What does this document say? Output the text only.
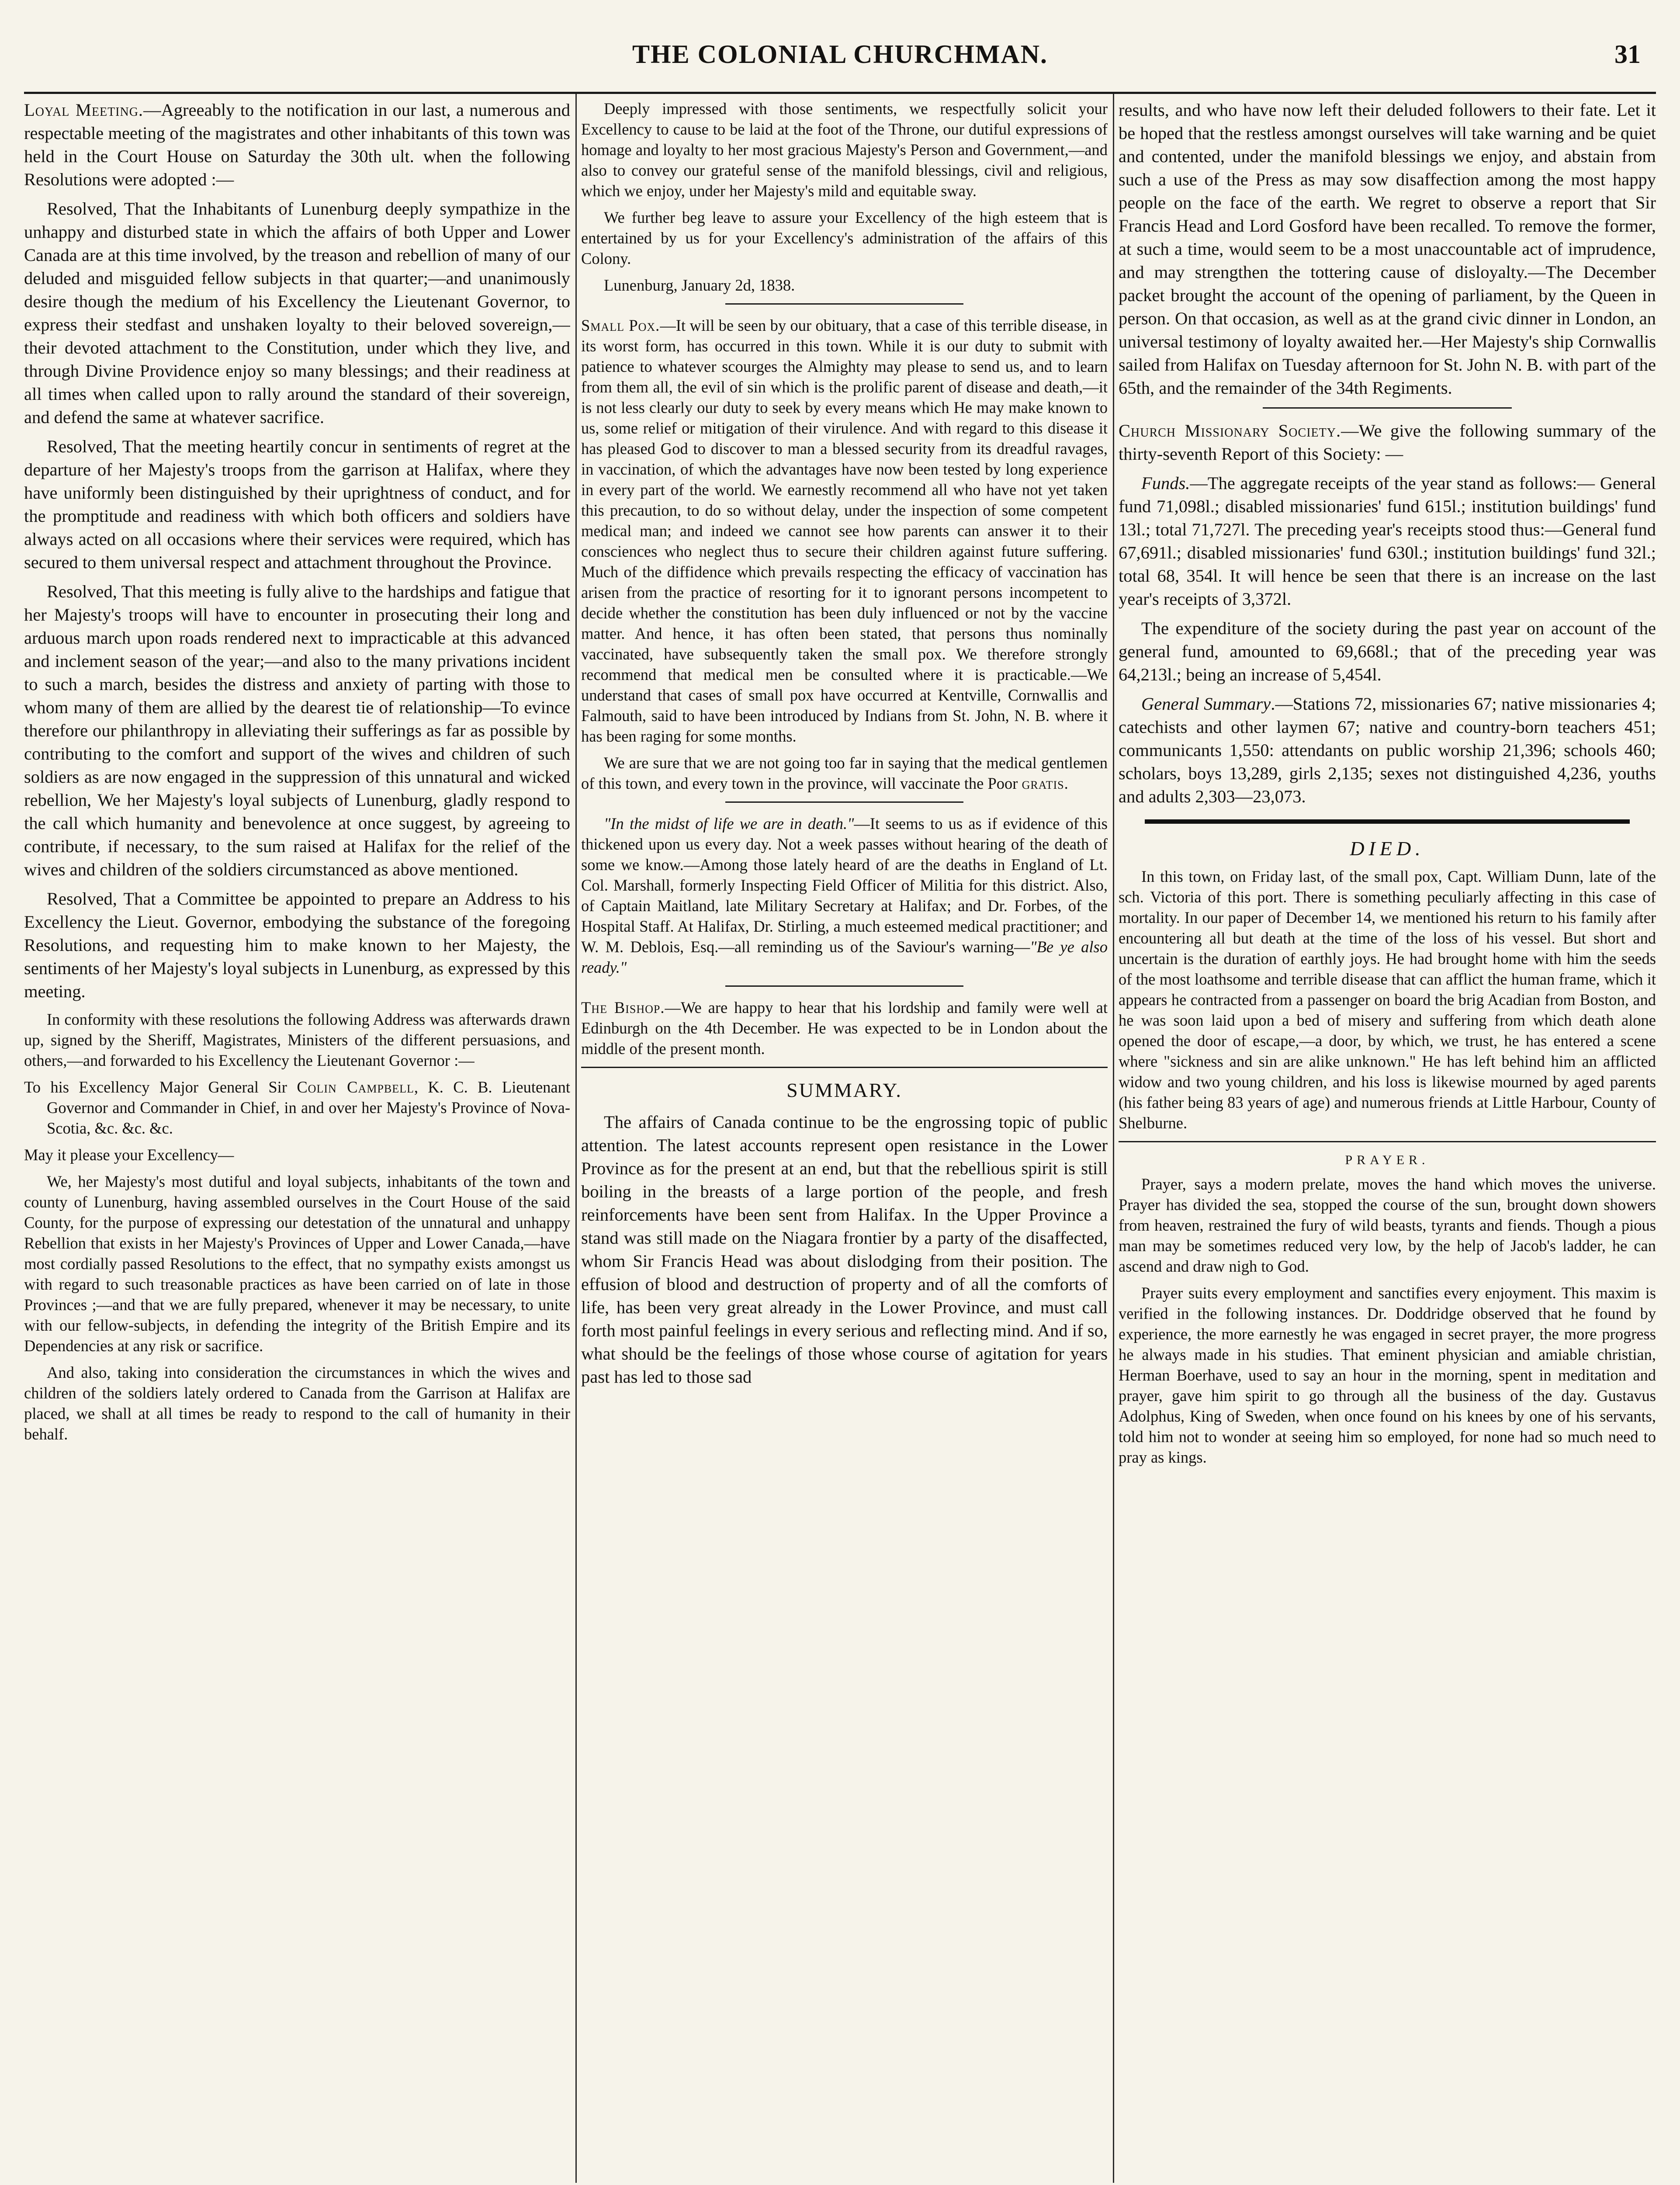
THE COLONIAL CHURCHMAN.	31

Loyal Meeting.—Agreeably to the notification in our last, a numerous and respectable meeting of the magistrates and other inhabitants of this town was held in the Court House on Saturday the 30th ult. when the following Resolutions were adopted :—

Resolved, That the Inhabitants of Lunenburg deeply sympathize in the unhappy and disturbed state in which the affairs of both Upper and Lower Canada are at this time involved, by the treason and rebellion of many of our deluded and misguided fellow subjects in that quarter;—and unanimously desire though the medium of his Excellency the Lieutenant Governor, to express their stedfast and unshaken loyalty to their beloved sovereign,—their devoted attachment to the Constitution, under which they live, and through Divine Providence enjoy so many blessings; and their readiness at all times when called upon to rally around the standard of their sovereign, and defend the same at whatever sacrifice.

Resolved, That the meeting heartily concur in sentiments of regret at the departure of her Majesty's troops from the garrison at Halifax, where they have uniformly been distinguished by their uprightness of conduct, and for the promptitude and readiness with which both officers and soldiers have always acted on all occasions where their services were required, which has secured to them universal respect and attachment throughout the Province.

Resolved, That this meeting is fully alive to the hardships and fatigue that her Majesty's troops will have to encounter in prosecuting their long and arduous march upon roads rendered next to impracticable at this advanced and inclement season of the year;—and also to the many privations incident to such a march, besides the distress and anxiety of parting with those to whom many of them are allied by the dearest tie of relationship—To evince therefore our philanthropy in alleviating their sufferings as far as possible by contributing to the comfort and support of the wives and children of such soldiers as are now engaged in the suppression of this unnatural and wicked rebellion, We her Majesty's loyal subjects of Lunenburg, gladly respond to the call which humanity and benevolence at once suggest, by agreeing to contribute, if necessary, to the sum raised at Halifax for the relief of the wives and children of the soldiers circumstanced as above mentioned.

Resolved, That a Committee be appointed to prepare an Address to his Excellency the Lieut. Governor, embodying the substance of the foregoing Resolutions, and requesting him to make known to her Majesty, the sentiments of her Majesty's loyal subjects in Lunenburg, as expressed by this meeting.

In conformity with these resolutions the following Address was afterwards drawn up, signed by the Sheriff, Magistrates, Ministers of the different persuasions, and others,—and forwarded to his Excellency the Lieutenant Governor :—

To his Excellency Major General Sir Colin Campbell, K. C. B. Lieutenant Governor and Commander in Chief, in and over her Majesty's Province of Nova-Scotia, &c. &c. &c.

May it please your Excellency—

We, her Majesty's most dutiful and loyal subjects, inhabitants of the town and county of Lunenburg, having assembled ourselves in the Court House of the said County, for the purpose of expressing our detestation of the unnatural and unhappy Rebellion that exists in her Majesty's Provinces of Upper and Lower Canada,—have most cordially passed Resolutions to the effect, that no sympathy exists amongst us with regard to such treasonable practices as have been carried on of late in those Provinces ;—and that we are fully prepared, whenever it may be necessary, to unite with our fellow-subjects, in defending the integrity of the British Empire and its Dependencies at any risk or sacrifice.

And also, taking into consideration the circumstances in which the wives and children of the soldiers lately ordered to Canada from the Garrison at Halifax are placed, we shall at all times be ready to respond to the call of humanity in their behalf.

Deeply impressed with those sentiments, we respectfully solicit your Excellency to cause to be laid at the foot of the Throne, our dutiful expressions of homage and loyalty to her most gracious Majesty's Person and Government,—and also to convey our grateful sense of the manifold blessings, civil and religious, which we enjoy, under her Majesty's mild and equitable sway.

We further beg leave to assure your Excellency of the high esteem that is entertained by us for your Excellency's administration of the affairs of this Colony.

Lunenburg, January 2d, 1838.

Small Pox.—It will be seen by our obituary, that a case of this terrible disease, in its worst form, has occurred in this town. While it is our duty to submit with patience to whatever scourges the Almighty may please to send us, and to learn from them all, the evil of sin which is the prolific parent of disease and death,—it is not less clearly our duty to seek by every means which He may make known to us, some relief or mitigation of their virulence. And with regard to this disease it has pleased God to discover to man a blessed security from its dreadful ravages, in vaccination, of which the advantages have now been tested by long experience in every part of the world. We earnestly recommend all who have not yet taken this precaution, to do so without delay, under the inspection of some competent medical man; and indeed we cannot see how parents can answer it to their consciences who neglect thus to secure their children against future suffering. Much of the diffidence which prevails respecting the efficacy of vaccination has arisen from the practice of resorting for it to ignorant persons incompetent to decide whether the constitution has been duly influenced or not by the vaccine matter. And hence, it has often been stated, that persons thus nominally vaccinated, have subsequently taken the small pox. We therefore strongly recommend that medical men be consulted where it is practicable.—We understand that cases of small pox have occurred at Kentville, Cornwallis and Falmouth, said to have been introduced by Indians from St. John, N. B. where it has been raging for some months.

We are sure that we are not going too far in saying that the medical gentlemen of this town, and every town in the province, will vaccinate the Poor gratis.

"In the midst of life we are in death."—It seems to us as if evidence of this thickened upon us every day. Not a week passes without hearing of the death of some we know.—Among those lately heard of are the deaths in England of Lt. Col. Marshall, formerly Inspecting Field Officer of Militia for this district. Also, of Captain Maitland, late Military Secretary at Halifax; and Dr. Forbes, of the Hospital Staff. At Halifax, Dr. Stirling, a much esteemed medical practitioner; and W. M. Deblois, Esq.—all reminding us of the Saviour's warning—"Be ye also ready."

The Bishop.—We are happy to hear that his lordship and family were well at Edinburgh on the 4th December. He was expected to be in London about the middle of the present month.

SUMMARY.

The affairs of Canada continue to be the engrossing topic of public attention. The latest accounts represent open resistance in the Lower Province as for the present at an end, but that the rebellious spirit is still boiling in the breasts of a large portion of the people, and fresh reinforcements have been sent from Halifax. In the Upper Province a stand was still made on the Niagara frontier by a party of the disaffected, whom Sir Francis Head was about dislodging from their position. The effusion of blood and destruction of property and of all the comforts of life, has been very great already in the Lower Province, and must call forth most painful feelings in every serious and reflecting mind. And if so, what should be the feelings of those whose course of agitation for years past has led to those sad

results, and who have now left their deluded followers to their fate. Let it be hoped that the restless amongst ourselves will take warning and be quiet and contented, under the manifold blessings we enjoy, and abstain from such a use of the Press as may sow disaffection among the most happy people on the face of the earth. We regret to observe a report that Sir Francis Head and Lord Gosford have been recalled. To remove the former, at such a time, would seem to be a most unaccountable act of imprudence, and may strengthen the tottering cause of disloyalty.—The December packet brought the account of the opening of parliament, by the Queen in person. On that occasion, as well as at the grand civic dinner in London, an universal testimony of loyalty awaited her.—Her Majesty's ship Cornwallis sailed from Halifax on Tuesday afternoon for St. John N. B. with part of the 65th, and the remainder of the 34th Regiments.

Church Missionary Society.—We give the following summary of the thirty-seventh Report of this Society: —

Funds.—The aggregate receipts of the year stand as follows:— General fund 71,098l.; disabled missionaries' fund 615l.; institution buildings' fund 13l.; total 71,727l. The preceding year's receipts stood thus:—General fund 67,691l.; disabled missionaries' fund 630l.; institution buildings' fund 32l.; total 68, 354l. It will hence be seen that there is an increase on the last year's receipts of 3,372l.

The expenditure of the society during the past year on account of the general fund, amounted to 69,668l.; that of the preceding year was 64,213l.; being an increase of 5,454l.

General Summary.—Stations 72, missionaries 67; native missionaries 4; catechists and other laymen 67; native and country-born teachers 451; communicants 1,550: attendants on public worship 21,396; schools 460; scholars, boys 13,289, girls 2,135; sexes not distinguished 4,236, youths and adults 2,303—23,073.

DIED.

In this town, on Friday last, of the small pox, Capt. William Dunn, late of the sch. Victoria of this port. There is something peculiarly affecting in this case of mortality. In our paper of December 14, we mentioned his return to his family after encountering all but death at the time of the loss of his vessel. But short and uncertain is the duration of earthly joys. He had brought home with him the seeds of the most loathsome and terrible disease that can afflict the human frame, which it appears he contracted from a passenger on board the brig Acadian from Boston, and he was soon laid upon a bed of misery and suffering from which death alone opened the door of escape,—a door, by which, we trust, he has entered a scene where "sickness and sin are alike unknown." He has left behind him an afflicted widow and two young children, and his loss is likewise mourned by aged parents (his father being 83 years of age) and numerous friends at Little Harbour, County of Shelburne.

PRAYER.

Prayer, says a modern prelate, moves the hand which moves the universe. Prayer has divided the sea, stopped the course of the sun, brought down showers from heaven, restrained the fury of wild beasts, tyrants and fiends. Though a pious man may be sometimes reduced very low, by the help of Jacob's ladder, he can ascend and draw nigh to God.

Prayer suits every employment and sanctifies every enjoyment. This maxim is verified in the following instances. Dr. Doddridge observed that he found by experience, the more earnestly he was engaged in secret prayer, the more progress he always made in his studies. That eminent physician and amiable christian, Herman Boerhave, used to say an hour in the morning, spent in meditation and prayer, gave him spirit to go through all the business of the day. Gustavus Adolphus, King of Sweden, when once found on his knees by one of his servants, told him not to wonder at seeing him so employed, for none had so much need to pray as kings.
